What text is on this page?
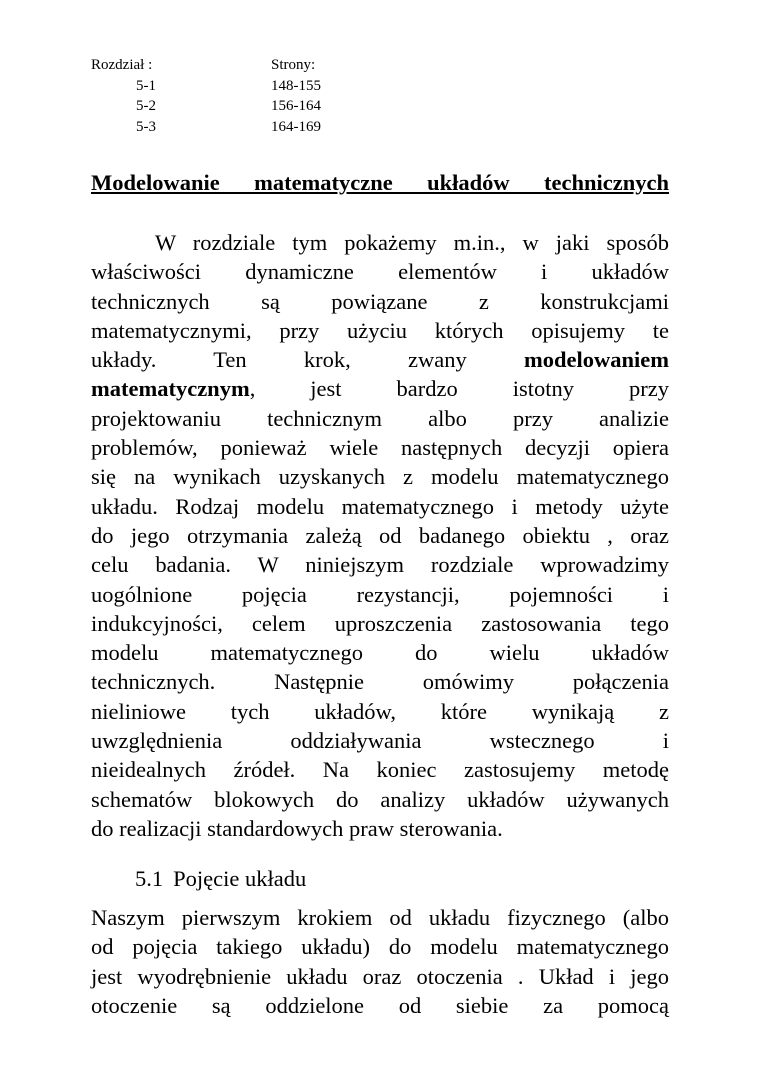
Rozdział :	Strony:
5-1	148-155
5-2	156-164
5-3	164-169
Modelowanie matematyczne układów technicznych
W rozdziale tym pokażemy m.in., w jaki sposób
właściwości dynamiczne elementów i układów
technicznych są powiązane z konstrukcjami
matematycznymi, przy użyciu których opisujemy te
układy. Ten krok, zwany	modelowaniem
matematycznym, jest bardzo istotny przy
projektowaniu technicznym albo przy analizie
problemów, ponieważ wiele następnych decyzji opiera
się na wynikach uzyskanych z modelu matematycznego
układu. Rodzaj modelu matematycznego i metody użyte
do jego otrzymania zależą od badanego obiektu , oraz
celu badania. W niniejszym rozdziale wprowadzimy
uogólnione pojęcia rezystancji, pojemności i
indukcyjności, celem uproszczenia zastosowania tego
modelu matematycznego do wielu układów
technicznych. Następnie omówimy połączenia
nieliniowe tych układów, które wynikają z
uwzględnienia oddziaływania wstecznego i
nieidealnych źródeł. Na koniec zastosujemy metodę
schematów blokowych do analizy układów używanych
do realizacji standardowych praw sterowania.
5.1 Pojęcie układu
Naszym pierwszym krokiem od układu fizycznego (albo
od pojęcia takiego układu) do modelu matematycznego
jest wyodrębnienie układu oraz otoczenia . Układ i jego
otoczenie są oddzielone od siebie za pomocą
